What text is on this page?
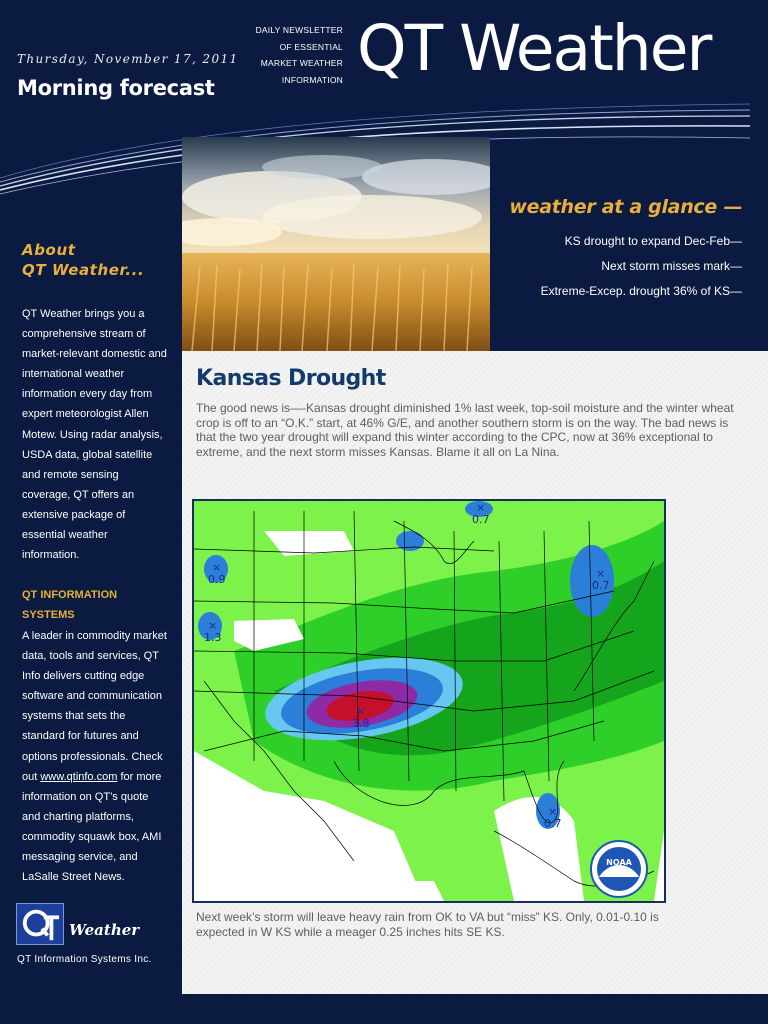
Thursday, November 17, 2011
Morning forecast
DAILY NEWSLETTER
OF ESSENTIAL
MARKET WEATHER
INFORMATION QT Weather
weather at a glance —
KS drought to expand Dec-Feb—
Next storm misses mark—
Extreme-Excep. drought 36% of KS—
About
QT Weather...
QT Weather brings you a comprehensive stream of market-relevant domestic and international weather information every day from expert meteorologist Allen Motew. Using radar analysis, USDA data, global satellite and remote sensing coverage, QT offers an extensive package of essential weather information.
QT INFORMATION
SYSTEMS
A leader in commodity market data, tools and services, QT Info delivers cutting edge software and communication systems that sets the standard for futures and options professionals. Check out www.qtinfo.com for more information on QT’s quote and charting platforms, commodity squawk box, AMI messaging service, and LaSalle Street News.
Weather
QT Information Systems Inc.
Kansas Drought
The good news is—-Kansas drought diminished 1% last week, top-soil moisture and the winter wheat crop is off to an “O.K.” start, at 46% G/E, and another southern storm is on the way. The bad news is that the two year drought will expand this winter according to the CPC, now at 36% exceptional to extreme, and the next storm misses Kansas. Blame it all on La Nina.
×
0.7
×
0.9
×
1.3
×
0.7
×
3.8
×
0.7
NOAA
Next week’s storm will leave heavy rain from OK to VA but “miss” KS. Only, 0.01-0.10 is expected in W KS while a meager 0.25 inches hits SE KS.
